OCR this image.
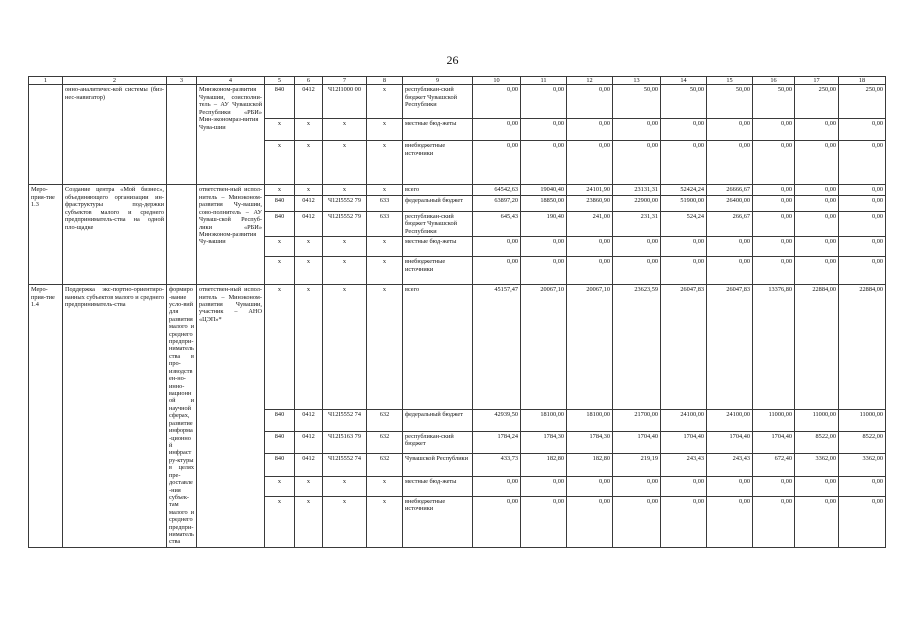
26
1	2	3	4	5	6	7	8	9	10	11	12	13	14	15	16	17	18
	онно-аналитичес-кой системы (биз-нес-навигатор)		Минэконом-развития Чувашии, соисполни-тель – АУ Чувашской Республики «РБИ» Мин-экономраз-вития Чува-шии	840	0412	Ч12I1000 00	x	республикан-ский бюджет Чувашской Республики	0,00	0,00	0,00	50,00	50,00	50,00	50,00	250,00	250,00
				x	x	x	x	местные бюд-жеты	0,00	0,00	0,00	0,00	0,00	0,00	0,00	0,00	0,00
				x	x	x	x	внебюджетные источники	0,00	0,00	0,00	0,00	0,00	0,00	0,00	0,00	0,00
Меро-прия-тие 1.3	Создание центра «Мой бизнес», объединяющего организации ин-фраструктуры под-держки субъектов малого и среднего предприниматель-ства на одной пло-щадке		ответствен-ный испол-нитель – Минэконом-развития Чу-вашии, сово-полнитель – АУ Чуваш-ской Респуб-лики «РБИ» Минэконом-развития Чу-вашии	x	x	x	x	всего	64542,63	19040,40	24101,90	23131,31	52424,24	26666,67	0,00	0,00	0,00
				840	0412	Ч12I5552 79	633	федеральный бюджет	63897,20	18850,00	23860,90	22900,00	51900,00	26400,00	0,00	0,00	0,00
				840	0412	Ч12I5552 79	633	республикан-ский бюджет Чувашской Республики	645,43	190,40	241,00	231,31	524,24	266,67	0,00	0,00	0,00
				x	x	x	x	местные бюд-жеты	0,00	0,00	0,00	0,00	0,00	0,00	0,00	0,00	0,00
				x	x	x	x	внебюджетные источники	0,00	0,00	0,00	0,00	0,00	0,00	0,00	0,00	0,00
Меро-прия-тие 1.4	Поддержка экс-портно-ориентиро-ванных субъектов малого и среднего предприниматель-ства	формиро-вание усло-вий для развития малого и среднего предпри-нимательства в про-изводствен-но-инно-вационной и научной сферах, развитие информа-ционной инфрастру-ктуры в целях пре-доставле-ния субъек-там малого и среднего предпри-нимательства	ответствен-ный испол-нитель – Минэконом-развития Чувашии, участник – АНО «ЦЭП»*	x	x	x	x	всего	45157,47	20067,10	20067,10	23623,59	26047,83	26047,83	13376,80	22884,00	22884,00
				840	0412	Ч12I5552 74	632	федеральный бюджет	42939,50	18100,00	18100,00	21700,00	24100,00	24100,00	11000,00	11000,00	11000,00
				840	0412	Ч12I5163 79	632	республикан-ский бюджет	1784,24	1784,30	1784,30	1704,40	1704,40	1704,40	1704,40	8522,00	8522,00
				840	0412	Ч12I5552 74	632	Чувашской Республики	433,73	182,80	182,80	219,19	243,43	243,43	672,40	3362,00	3362,00
				x	x	x	x	местные бюд-жеты	0,00	0,00	0,00	0,00	0,00	0,00	0,00	0,00	0,00
				x	x	x	x	внебюджетные источники	0,00	0,00	0,00	0,00	0,00	0,00	0,00	0,00	0,00
